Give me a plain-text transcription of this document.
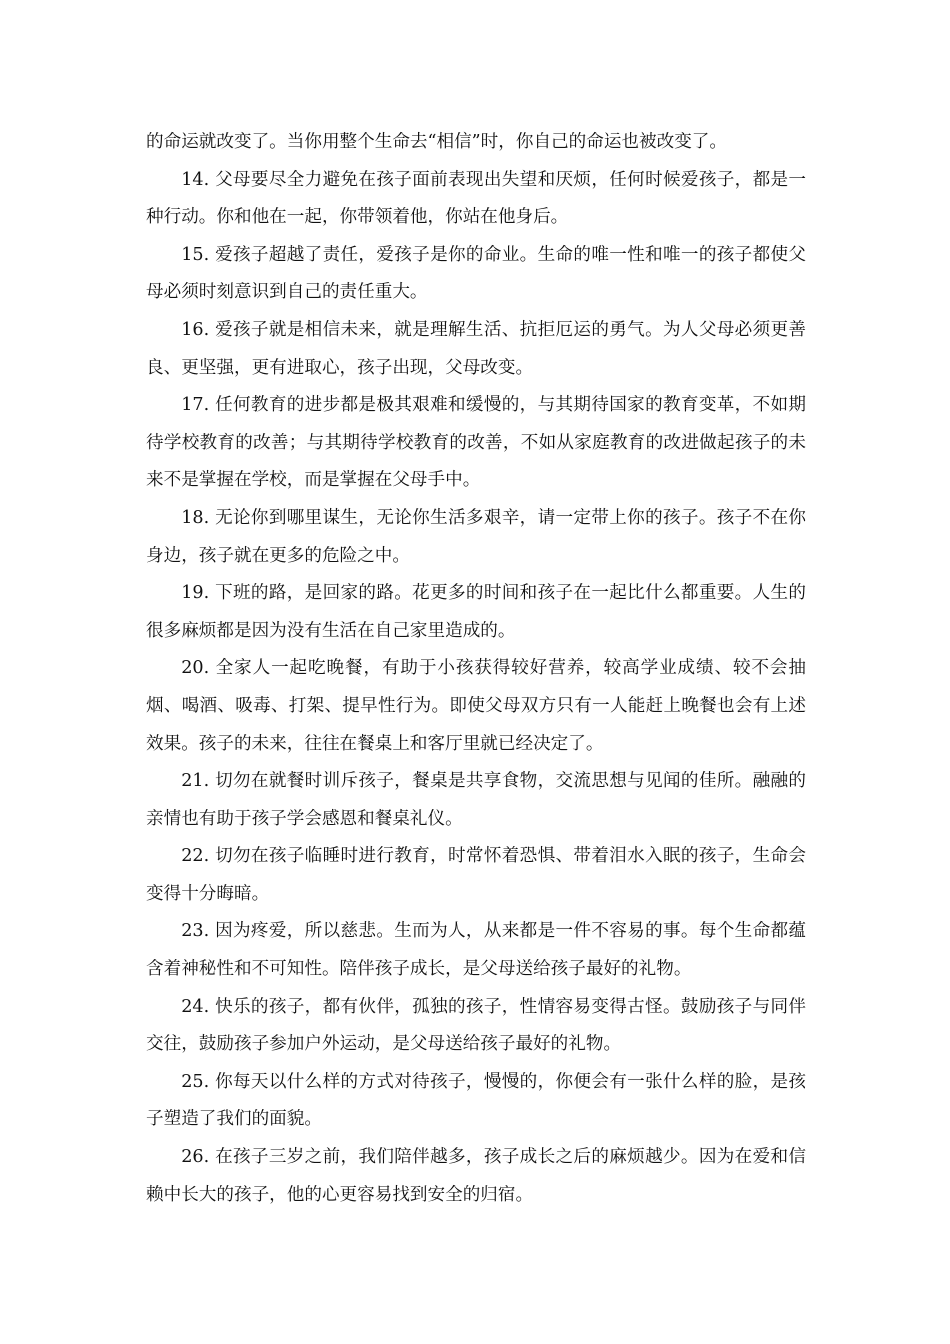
的命运就改变了。当你用整个生命去“相信”时，你自己的命运也被改变了。

14. 父母要尽全力避免在孩子面前表现出失望和厌烦，任何时候爱孩子，都是一种行动。你和他在一起，你带领着他，你站在他身后。

15. 爱孩子超越了责任，爱孩子是你的命业。生命的唯一性和唯一的孩子都使父母必须时刻意识到自己的责任重大。

16. 爱孩子就是相信未来，就是理解生活、抗拒厄运的勇气。为人父母必须更善良、更坚强，更有进取心，孩子出现，父母改变。

17. 任何教育的进步都是极其艰难和缓慢的，与其期待国家的教育变革，不如期待学校教育的改善；与其期待学校教育的改善，不如从家庭教育的改进做起孩子的未来不是掌握在学校，而是掌握在父母手中。

18. 无论你到哪里谋生，无论你生活多艰辛，请一定带上你的孩子。孩子不在你身边，孩子就在更多的危险之中。

19. 下班的路，是回家的路。花更多的时间和孩子在一起比什么都重要。人生的很多麻烦都是因为没有生活在自己家里造成的。

20. 全家人一起吃晚餐，有助于小孩获得较好营养，较高学业成绩、较不会抽烟、喝酒、吸毒、打架、提早性行为。即使父母双方只有一人能赶上晚餐也会有上述效果。孩子的未来，往往在餐桌上和客厅里就已经决定了。

21. 切勿在就餐时训斥孩子，餐桌是共享食物，交流思想与见闻的佳所。融融的亲情也有助于孩子学会感恩和餐桌礼仪。

22. 切勿在孩子临睡时进行教育，时常怀着恐惧、带着泪水入眠的孩子，生命会变得十分晦暗。

23. 因为疼爱，所以慈悲。生而为人，从来都是一件不容易的事。每个生命都蕴含着神秘性和不可知性。陪伴孩子成长，是父母送给孩子最好的礼物。

24. 快乐的孩子，都有伙伴，孤独的孩子，性情容易变得古怪。鼓励孩子与同伴交往，鼓励孩子参加户外运动，是父母送给孩子最好的礼物。

25. 你每天以什么样的方式对待孩子，慢慢的，你便会有一张什么样的脸，是孩子塑造了我们的面貌。

26. 在孩子三岁之前，我们陪伴越多，孩子成长之后的麻烦越少。因为在爱和信赖中长大的孩子，他的心更容易找到安全的归宿。
